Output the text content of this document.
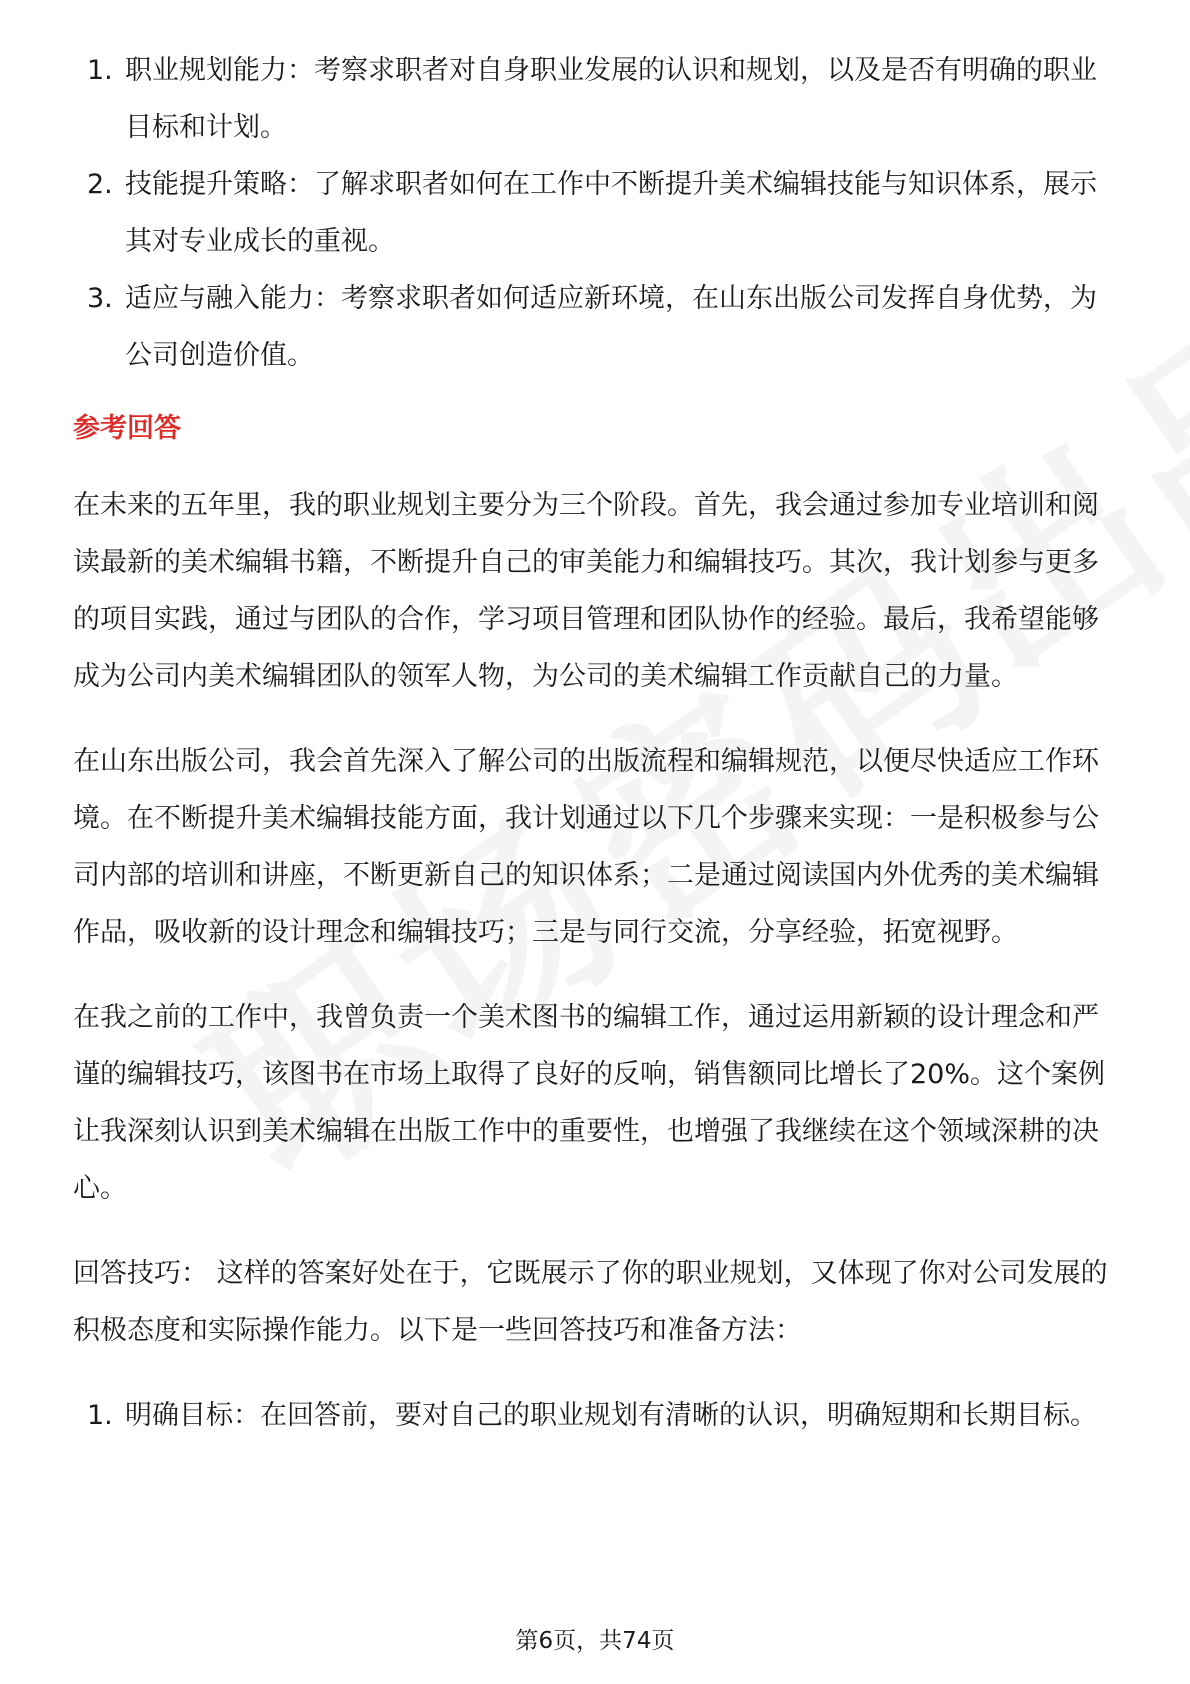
1. 职业规划能力：考察求职者对自身职业发展的认识和规划，以及是否有明确的职业目标和计划。
2. 技能提升策略：了解求职者如何在工作中不断提升美术编辑技能与知识体系，展示其对专业成长的重视。
3. 适应与融入能力：考察求职者如何适应新环境，在山东出版公司发挥自身优势，为公司创造价值。
参考回答

在未来的五年里，我的职业规划主要分为三个阶段。首先，我会通过参加专业培训和阅读最新的美术编辑书籍，不断提升自己的审美能力和编辑技巧。其次，我计划参与更多的项目实践，通过与团队的合作，学习项目管理和团队协作的经验。最后，我希望能够成为公司内美术编辑团队的领军人物，为公司的美术编辑工作贡献自己的力量。

在山东出版公司，我会首先深入了解公司的出版流程和编辑规范，以便尽快适应工作环境。在不断提升美术编辑技能方面，我计划通过以下几个步骤来实现：一是积极参与公司内部的培训和讲座，不断更新自己的知识体系；二是通过阅读国内外优秀的美术编辑作品，吸收新的设计理念和编辑技巧；三是与同行交流，分享经验，拓宽视野。

在我之前的工作中，我曾负责一个美术图书的编辑工作，通过运用新颖的设计理念和严谨的编辑技巧，该图书在市场上取得了良好的反响，销售额同比增长了20%。这个案例让我深刻认识到美术编辑在出版工作中的重要性，也增强了我继续在这个领域深耕的决心。

回答技巧： 这样的答案好处在于，它既展示了你的职业规划，又体现了你对公司发展的积极态度和实际操作能力。以下是一些回答技巧和准备方法：

1. 明确目标：在回答前，要对自己的职业规划有清晰的认识，明确短期和长期目标。
第6页，共74页
